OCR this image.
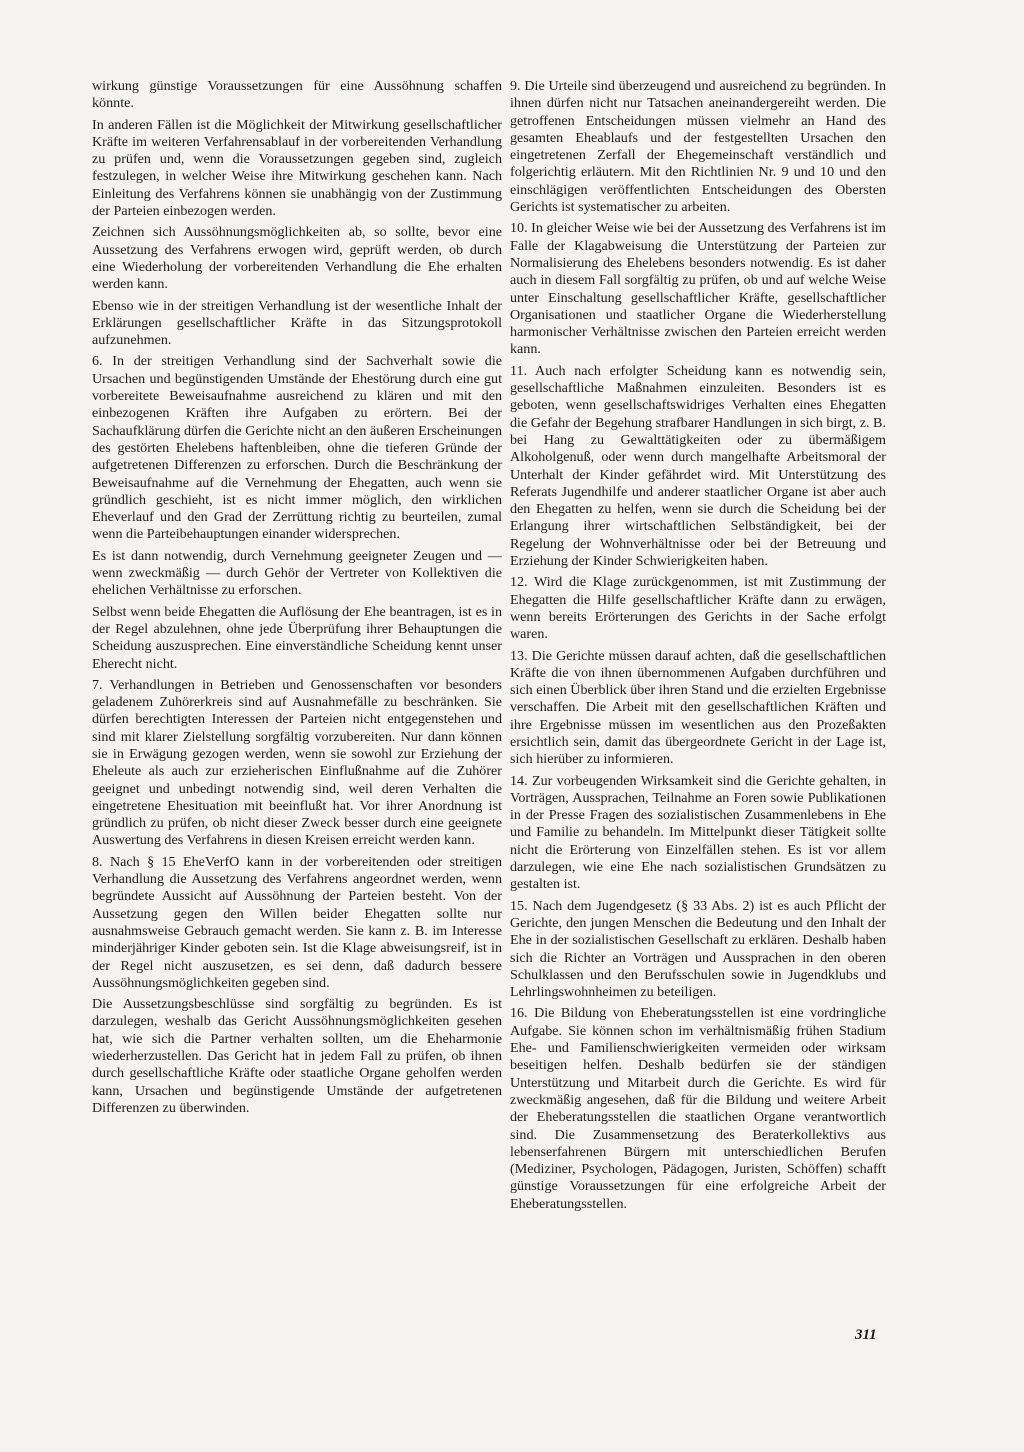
wirkung günstige Voraussetzungen für eine Aussöhnung schaffen könnte.

In anderen Fällen ist die Möglichkeit der Mitwirkung gesellschaftlicher Kräfte im weiteren Verfahrensablauf in der vorbereitenden Verhandlung zu prüfen und, wenn die Voraussetzungen gegeben sind, zugleich festzulegen, in welcher Weise ihre Mitwirkung geschehen kann. Nach Einleitung des Verfahrens können sie unabhängig von der Zustimmung der Parteien einbezogen werden.

Zeichnen sich Aussöhnungsmöglichkeiten ab, so sollte, bevor eine Aussetzung des Verfahrens erwogen wird, geprüft werden, ob durch eine Wiederholung der vorbereitenden Verhandlung die Ehe erhalten werden kann.

Ebenso wie in der streitigen Verhandlung ist der wesentliche Inhalt der Erklärungen gesellschaftlicher Kräfte in das Sitzungsprotokoll aufzunehmen.

6. In der streitigen Verhandlung sind der Sachverhalt sowie die Ursachen und begünstigenden Umstände der Ehestörung durch eine gut vorbereitete Beweisaufnahme ausreichend zu klären und mit den einbezogenen Kräften ihre Aufgaben zu erörtern. Bei der Sachaufklärung dürfen die Gerichte nicht an den äußeren Erscheinungen des gestörten Ehelebens haftenbleiben, ohne die tieferen Gründe der aufgetretenen Differenzen zu erforschen. Durch die Beschränkung der Beweisaufnahme auf die Vernehmung der Ehegatten, auch wenn sie gründlich geschieht, ist es nicht immer möglich, den wirklichen Eheverlauf und den Grad der Zerrüttung richtig zu beurteilen, zumal wenn die Parteibehauptungen einander widersprechen.

Es ist dann notwendig, durch Vernehmung geeigneter Zeugen und — wenn zweckmäßig — durch Gehör der Vertreter von Kollektiven die ehelichen Verhältnisse zu erforschen.

Selbst wenn beide Ehegatten die Auflösung der Ehe beantragen, ist es in der Regel abzulehnen, ohne jede Überprüfung ihrer Behauptungen die Scheidung auszusprechen. Eine einverständliche Scheidung kennt unser Eherecht nicht.

7. Verhandlungen in Betrieben und Genossenschaften vor besonders geladenem Zuhörerkreis sind auf Ausnahmefälle zu beschränken. Sie dürfen berechtigten Interessen der Parteien nicht entgegenstehen und sind mit klarer Zielstellung sorgfältig vorzubereiten. Nur dann können sie in Erwägung gezogen werden, wenn sie sowohl zur Erziehung der Eheleute als auch zur erzieherischen Einflußnahme auf die Zuhörer geeignet und unbedingt notwendig sind, weil deren Verhalten die eingetretene Ehesituation mit beeinflußt hat. Vor ihrer Anordnung ist gründlich zu prüfen, ob nicht dieser Zweck besser durch eine geeignete Auswertung des Verfahrens in diesen Kreisen erreicht werden kann.

8. Nach § 15 EheVerfO kann in der vorbereitenden oder streitigen Verhandlung die Aussetzung des Verfahrens angeordnet werden, wenn begründete Aussicht auf Aussöhnung der Parteien besteht. Von der Aussetzung gegen den Willen beider Ehegatten sollte nur ausnahmsweise Gebrauch gemacht werden. Sie kann z. B. im Interesse minderjähriger Kinder geboten sein. Ist die Klage abweisungsreif, ist in der Regel nicht auszusetzen, es sei denn, daß dadurch bessere Aussöhnungsmöglichkeiten gegeben sind.

Die Aussetzungsbeschlüsse sind sorgfältig zu begründen. Es ist darzulegen, weshalb das Gericht Aussöhnungsmöglichkeiten gesehen hat, wie sich die Partner verhalten sollten, um die Eheharmonie wiederherzustellen. Das Gericht hat in jedem Fall zu prüfen, ob ihnen durch gesellschaftliche Kräfte oder staatliche Organe geholfen werden kann, Ursachen und begünstigende Umstände der aufgetretenen Differenzen zu überwinden.

9. Die Urteile sind überzeugend und ausreichend zu begründen. In ihnen dürfen nicht nur Tatsachen aneinandergereiht werden. Die getroffenen Entscheidungen müssen vielmehr an Hand des gesamten Eheablaufs und der festgestellten Ursachen den eingetretenen Zerfall der Ehegemeinschaft verständlich und folgerichtig erläutern. Mit den Richtlinien Nr. 9 und 10 und den einschlägigen veröffentlichten Entscheidungen des Obersten Gerichts ist systematischer zu arbeiten.

10. In gleicher Weise wie bei der Aussetzung des Verfahrens ist im Falle der Klagabweisung die Unterstützung der Parteien zur Normalisierung des Ehelebens besonders notwendig. Es ist daher auch in diesem Fall sorgfältig zu prüfen, ob und auf welche Weise unter Einschaltung gesellschaftlicher Kräfte, gesellschaftlicher Organisationen und staatlicher Organe die Wiederherstellung harmonischer Verhältnisse zwischen den Parteien erreicht werden kann.

11. Auch nach erfolgter Scheidung kann es notwendig sein, gesellschaftliche Maßnahmen einzuleiten. Besonders ist es geboten, wenn gesellschaftswidriges Verhalten eines Ehegatten die Gefahr der Begehung strafbarer Handlungen in sich birgt, z. B. bei Hang zu Gewalttätigkeiten oder zu übermäßigem Alkoholgenuß, oder wenn durch mangelhafte Arbeitsmoral der Unterhalt der Kinder gefährdet wird. Mit Unterstützung des Referats Jugendhilfe und anderer staatlicher Organe ist aber auch den Ehegatten zu helfen, wenn sie durch die Scheidung bei der Erlangung ihrer wirtschaftlichen Selbständigkeit, bei der Regelung der Wohnverhältnisse oder bei der Betreuung und Erziehung der Kinder Schwierigkeiten haben.

12. Wird die Klage zurückgenommen, ist mit Zustimmung der Ehegatten die Hilfe gesellschaftlicher Kräfte dann zu erwägen, wenn bereits Erörterungen des Gerichts in der Sache erfolgt waren.

13. Die Gerichte müssen darauf achten, daß die gesellschaftlichen Kräfte die von ihnen übernommenen Aufgaben durchführen und sich einen Überblick über ihren Stand und die erzielten Ergebnisse verschaffen. Die Arbeit mit den gesellschaftlichen Kräften und ihre Ergebnisse müssen im wesentlichen aus den Prozeßakten ersichtlich sein, damit das übergeordnete Gericht in der Lage ist, sich hierüber zu informieren.

14. Zur vorbeugenden Wirksamkeit sind die Gerichte gehalten, in Vorträgen, Aussprachen, Teilnahme an Foren sowie Publikationen in der Presse Fragen des sozialistischen Zusammenlebens in Ehe und Familie zu behandeln. Im Mittelpunkt dieser Tätigkeit sollte nicht die Erörterung von Einzelfällen stehen. Es ist vor allem darzulegen, wie eine Ehe nach sozialistischen Grundsätzen zu gestalten ist.

15. Nach dem Jugendgesetz (§ 33 Abs. 2) ist es auch Pflicht der Gerichte, den jungen Menschen die Bedeutung und den Inhalt der Ehe in der sozialistischen Gesellschaft zu erklären. Deshalb haben sich die Richter an Vorträgen und Aussprachen in den oberen Schulklassen und den Berufsschulen sowie in Jugendklubs und Lehrlingswohnheimen zu beteiligen.

16. Die Bildung von Eheberatungsstellen ist eine vordringliche Aufgabe. Sie können schon im verhältnismäßig frühen Stadium Ehe- und Familienschwierigkeiten vermeiden oder wirksam beseitigen helfen. Deshalb bedürfen sie der ständigen Unterstützung und Mitarbeit durch die Gerichte. Es wird für zweckmäßig angesehen, daß für die Bildung und weitere Arbeit der Eheberatungsstellen die staatlichen Organe verantwortlich sind. Die Zusammensetzung des Beraterkollektivs aus lebenserfahrenen Bürgern mit unterschiedlichen Berufen (Mediziner, Psychologen, Pädagogen, Juristen, Schöffen) schafft günstige Voraussetzungen für eine erfolgreiche Arbeit der Eheberatungsstellen.

311
